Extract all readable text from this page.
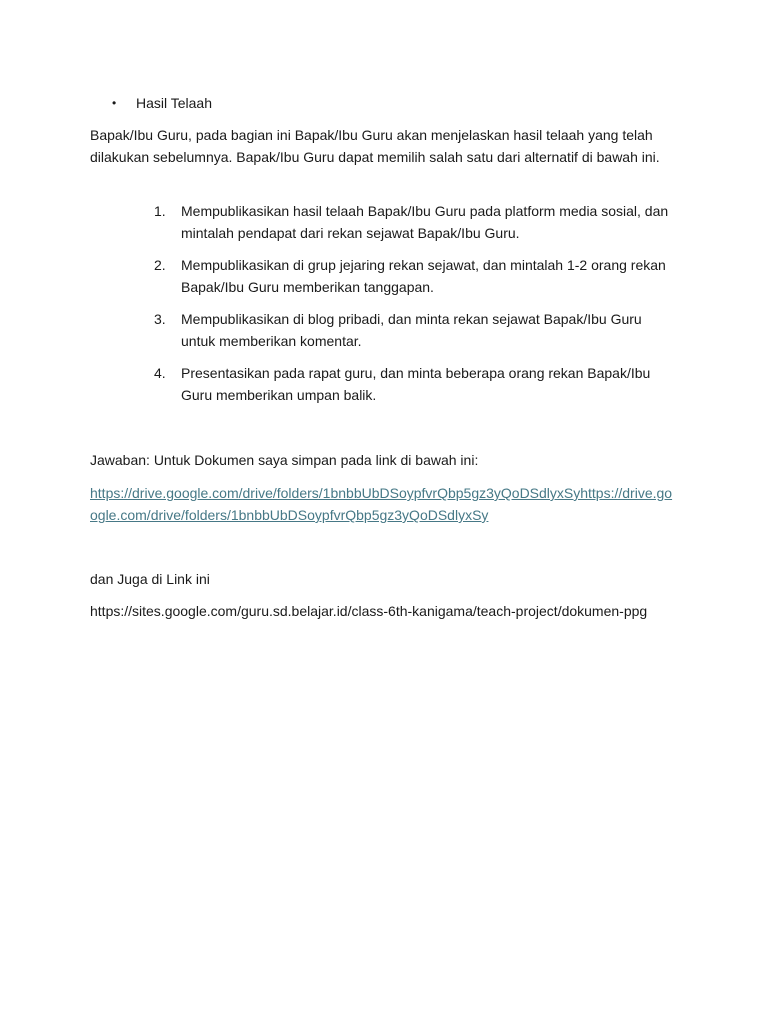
•	Hasil Telaah

Bapak/Ibu Guru, pada bagian ini Bapak/Ibu Guru akan menjelaskan hasil telaah yang telah dilakukan sebelumnya. Bapak/Ibu Guru dapat memilih salah satu dari alternatif di bawah ini.

1.	Mempublikasikan hasil telaah Bapak/Ibu Guru pada platform media sosial, dan mintalah pendapat dari rekan sejawat Bapak/Ibu Guru.
2.	Mempublikasikan di grup jejaring rekan sejawat, dan mintalah 1-2 orang rekan Bapak/Ibu Guru memberikan tanggapan.
3.	Mempublikasikan di blog pribadi, dan minta rekan sejawat Bapak/Ibu Guru untuk memberikan komentar.
4.	Presentasikan pada rapat guru, dan minta beberapa orang rekan Bapak/Ibu Guru memberikan umpan balik.

Jawaban: Untuk Dokumen saya simpan pada link di bawah ini:

https://drive.google.com/drive/folders/1bnbbUbDSoypfvrQbp5gz3yQoDSdlyxSyhttps://drive.google.com/drive/folders/1bnbbUbDSoypfvrQbp5gz3yQoDSdlyxSy

dan Juga di Link ini

https://sites.google.com/guru.sd.belajar.id/class-6th-kanigama/teach-project/dokumen-ppg
